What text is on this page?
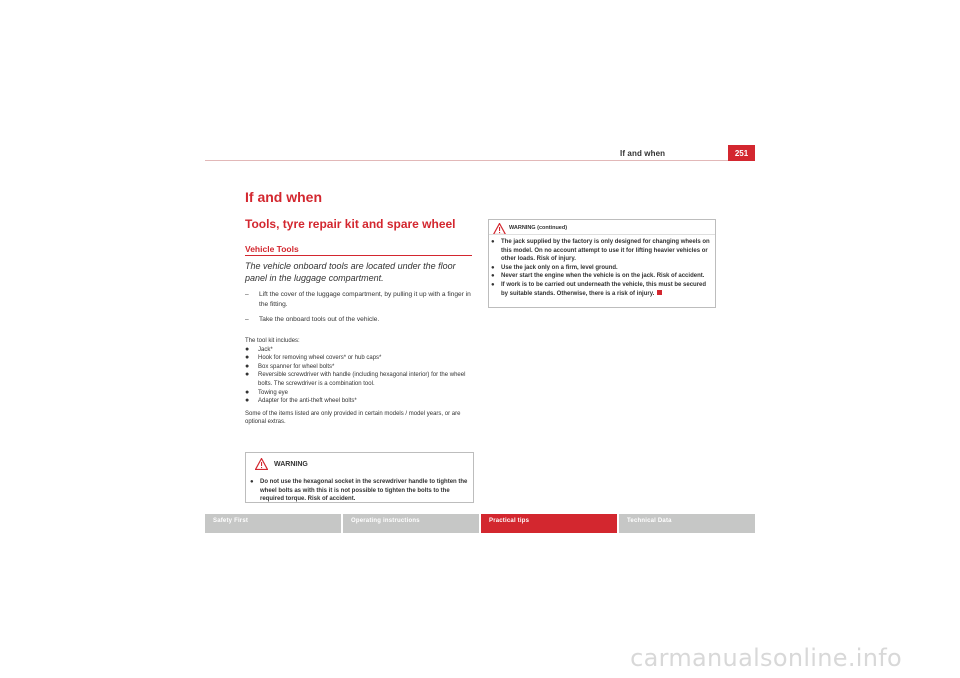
If and when	251
If and when
Tools, tyre repair kit and spare wheel
Vehicle Tools
The vehicle onboard tools are located under the floor panel in the luggage compartment.
– Lift the cover of the luggage compartment, by pulling it up with a finger in the fitting.
– Take the onboard tools out of the vehicle.
The tool kit includes:
● Jack*
● Hook for removing wheel covers* or hub caps*
● Box spanner for wheel bolts*
● Reversible screwdriver with handle (including hexagonal interior) for the wheel bolts. The screwdriver is a combination tool.
● Towing eye
● Adapter for the anti-theft wheel bolts*
Some of the items listed are only provided in certain models / model years, or are optional extras.
WARNING
● Do not use the hexagonal socket in the screwdriver handle to tighten the wheel bolts as with this it is not possible to tighten the bolts to the required torque. Risk of accident.
WARNING (continued)
● The jack supplied by the factory is only designed for changing wheels on this model. On no account attempt to use it for lifting heavier vehicles or other loads. Risk of injury.
● Use the jack only on a firm, level ground.
● Never start the engine when the vehicle is on the jack. Risk of accident.
● If work is to be carried out underneath the vehicle, this must be secured by suitable stands. Otherwise, there is a risk of injury.
Safety First	Operating instructions	Practical tips	Technical Data
carmanualsonline.info
